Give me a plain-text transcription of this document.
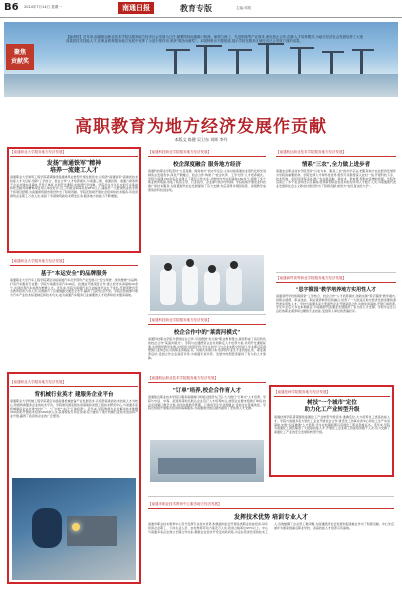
B6 2014年7月14日 星期一	南通日报	教育专版	主编:邓明
聚焦
贡献奖
【编者按】近年来,南通航运职业技术学院以服务地方经济社会发展为己任,紧紧围绕南通港口物流、船舶与海工、先进制造等产业需求,深化校企合作,创新人才培养模式,为地方经济社会发展培养了大批高素质技术技能人才,在职业教育服务地方发展中发挥了示范引领作用,荣获"服务贡献奖"。本版特推出专题报道,展示学校在服务区域经济社会发展方面的成果。
高职教育为地方经济发展作贡献
本版文 陈健 吴卫东 刘晖 李丹
【南通职业大学服务地方经济发展】
发扬"南通铁军"精神
培养一流建工人才
南通职业大学建筑工程学院紧紧围绕南通建筑业转型升级发展需求,以培养"南通铁军"高素质技术技能人才为目标,创新"工学结合、校企合作"人才培养模式,与南通三建、南通四建、南通六建等骨干企业共建实训基地,开设订单班,共同开发课程,实施现代学徒制。学院毕业生以扎实的专业基础和吃苦耐劳的精神深受用人单位好评,近三年就业率保持在98%以上,涌现出一大批建筑业技术骨干和项目经理,为南通建筑强市建设作出了积极贡献。学院还积极开展社会培训和技术服务,年培训建筑企业职工万余人次,承担了多项建筑新技术研发任务,服务地方的能力不断增强。
【南通职业大学服务地方经济发展】
基于"本运安全"的品牌服务
南通职业大学汽车工程学院紧密对接南通汽车及零部件产业发展,以"安全驾驶、绿色维修"为品牌,打造汽车服务专业群。学院与南通多家汽车4S店、检测站开展深度合作,建立校外实训基地20余个,共同培养汽车检测与维修人才。近年来,学院为南通汽车行业输送毕业生千余名,开展驾驶员安全教育培训万余人次,有效提升了区域道路交通安全水平,赢得了良好社会声誉。学院还积极参与地方汽车产业技术标准制定和技术攻关,成为南通汽车服务行业重要的人才培养和技术服务基地。
【南通职业大学服务地方经济发展】
背机械行业英才 建服务企业平台
南通职业大学机械工程学院紧密对接南通机械装备产业发展需求,以培养高素质技术技能人才为核心,积极构建服务企业的技术平台。学院建有国家级实训基地和省级工程技术研究中心,与南通多家机械制造企业共建"校中厂"、"厂中校",实行"订单培养"。近年来,学院教师为企业解决技术难题200余项,开展技术培训5000余人次,获得授权专利百余项,有力推动了地方机械行业技术进步和产业升级,赢得了政府和企业的广泛赞誉。
【南通科技职业学院服务地方经济发展】
校企深度融合 服务地方经济
南通科技职业学院坚持"立足南通、服务地方"的办学定位,主动对接南通农业现代化和先进制造业发展需求,深化产教融合、校企合作,构建了"校企共育、工学交替"人才培养模式。学院与南通150余家企业建立了紧密合作关系,共建校内外实训基地180多个,组建了多个职业教育集团,形成了政府主导、行业指导、企业参与的办学机制。学院积极开展农业科技推广和技术服务,为南通现代农业发展提供了有力支撑,先后获得多项国家级、省级教学成果奖和科技进步奖。
【南通科技职业学院服务地方经济发展】
校企合作中的"莱茵河模式"
南通科技职业学院与德国企业合作,引进德国"双元制"职业教育理念,探索形成了具有特色的校企合作"莱茵河模式"。学院与在通德资企业共同制定人才培养方案,共同开发课程标准,共同组织教学实施,共同进行质量评价,学生在校学习与企业实践交替进行,毕业即可获得德国行业协会认可的职业资格证书。该模式实施以来,培养的毕业生专业技能扎实、职业素养良好,受到合作企业高度评价,为南通引进外资、发展外向型经济提供了有力的人才保障。
【南通航运职业技术学院服务地方经济发展】
"订单"培养,校企合作育人才
南通航运职业技术学院以服务南通港口和航运经济为己任,大力推行"订单式"人才培养。学院与中远、中海、招商局等知名航运企业签订人才培养协议,按照企业要求组建订单班,校企共同制订教学计划,共同实施教学管理。订单班学生毕业即就业,受到企业普遍欢迎。学院还积极开展船员培训和海事服务,为南通建设航运强市提供了坚实的人才支撑。
【南通航运职业技术学院服务地方经济发展】
情系"三农",全力做上进步者
南通农业职业技术学院坚持"以农为本、服务三农"的办学宗旨,把服务地方农业经济发展作为学院的重要使命。学院发挥人才和科技优势,组织专家教授深入农村一线,开展科技下乡、技术咨询、农民培训等活动,推广农业新品种、新技术、新成果,帮助农民增收致富。学院先后建立了多个农业科技示范基地,培训新型职业农民和农村实用人才数万人次,为南通现代农业发展和社会主义新农村建设作出了积极贡献,被誉为"农民身边的大学"。
【南通商贸高等职业学校服务地方经济发展】
"思字箍园"教学培养地方实用性人才
南通商贸学校积极探索"工学结合、校企合作"人才培养模式,创新实施"思字箍园"教学模式,将职业道德、职业技能、职业素养教育有机融合,培养了一大批适应地方经济发展需要的商贸类实用性人才。学校与南通多家大型商贸企业开展深度合作,共建实训基地,开展订单培养,学生毕业后大多在本地就业,为南通商贸流通业发展提供了有力的人才支撑。学校毕业生以良好的职业素养和过硬的专业技能,受到用人单位的普遍好评。
【南通技师学院服务地方经济发展】
树技"一个城市"定位
助力化工产业转型升级
南通技师学院紧紧围绕南通化工产业转型升级需求,准确定位,大力培养化工类高技能人才。学院与南通多家大型化工企业开展校企合作,建设化工仿真实训中心和化工生产实训基地,实施"双证融通"人才培养,学生在校期间即可获得化工职业资格证书。近年来,学院为南通化工园区输送了大批高技能人才,开展化工企业职工技能培训数千人次,有力支撑了南通化工产业的安全发展和转型升级。
【南通市职业技术教育中心服务地方经济发展】
发挥技术优势 培训专业人才
南通市职业技术教育中心充分发挥专业技术优势,积极面向社会开展各类职业技能培训,每年培训企业职工、下岗失业人员、农村转移劳动力等近万人次,培训合格率达95%以上。中心与南通多家企业建立长期合作关系,根据企业需求开设定向培训班,为企业培训急需的技术工人,有效缓解了企业用工难问题,为南通经济社会发展和促进就业作出了积极贡献。中心先后被评为国家级重点职业学校、省高技能人才培养示范基地。
